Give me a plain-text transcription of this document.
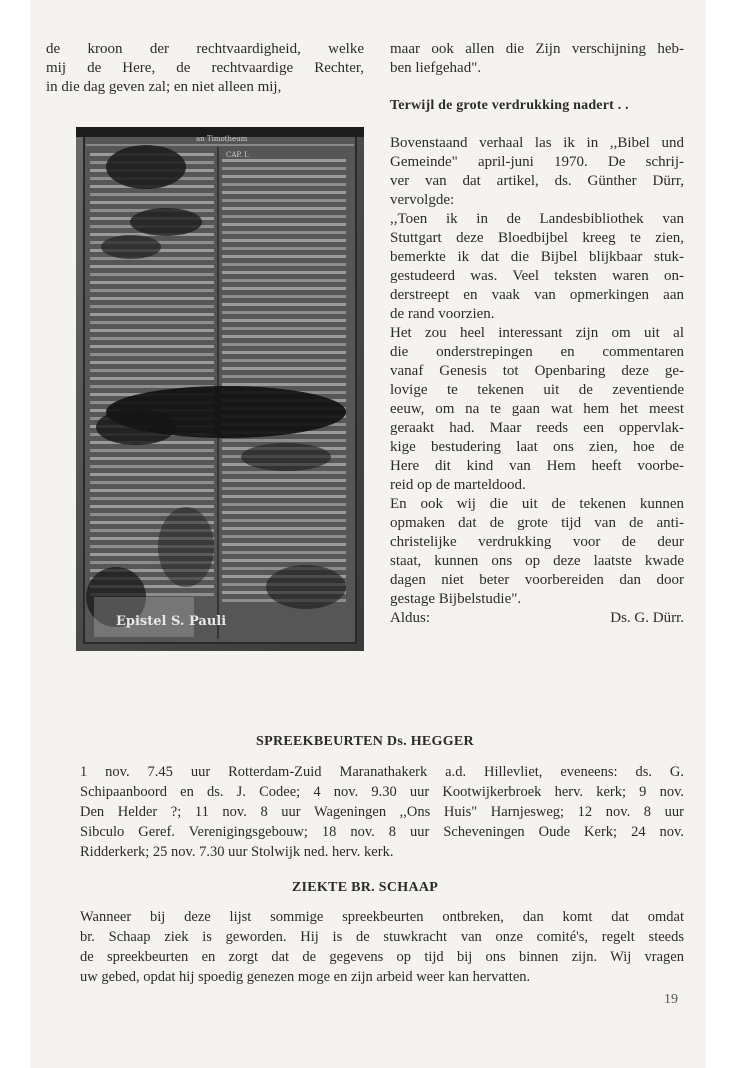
de kroon der rechtvaardigheid, welke
mij de Here, de rechtvaardige Rechter,
in die dag geven zal; en niet alleen mij,
an Timotheum
CAP. I.
Epistel S. Pauli
maar ook allen die Zijn verschijning heb-
ben liefgehad".
Terwijl de grote verdrukking nadert . .
Bovenstaand verhaal las ik in ,,Bibel und
Gemeinde" april-juni 1970. De schrij-
ver van dat artikel, ds. Günther Dürr,
vervolgde:
,,Toen ik in de Landesbibliothek van
Stuttgart deze Bloedbijbel kreeg te zien,
bemerkte ik dat die Bijbel blijkbaar stuk-
gestudeerd was. Veel teksten waren on-
derstreept en vaak van opmerkingen aan
de rand voorzien.
Het zou heel interessant zijn om uit al
die onderstrepingen en commentaren
vanaf Genesis tot Openbaring deze ge-
lovige te tekenen uit de zeventiende
eeuw, om na te gaan wat hem het meest
geraakt had. Maar reeds een oppervlak-
kige bestudering laat ons zien, hoe de
Here dit kind van Hem heeft voorbe-
reid op de marteldood.
En ook wij die uit de tekenen kunnen
opmaken dat de grote tijd van de anti-
christelijke verdrukking voor de deur
staat, kunnen ons op deze laatste kwade
dagen niet beter voorbereiden dan door
gestage Bijbelstudie".
Aldus:	Ds. G. Dürr.
SPREEKBEURTEN Ds. HEGGER
1 nov. 7.45 uur Rotterdam-Zuid Maranathakerk a.d. Hillevliet, eveneens: ds. G.
Schipaanboord en ds. J. Codee; 4 nov. 9.30 uur Kootwijkerbroek herv. kerk; 9 nov.
Den Helder ?; 11 nov. 8 uur Wageningen ,,Ons Huis" Harnjesweg; 12 nov. 8 uur
Sibculo Geref. Verenigingsgebouw; 18 nov. 8 uur Scheveningen Oude Kerk; 24 nov.
Ridderkerk; 25 nov. 7.30 uur Stolwijk ned. herv. kerk.
ZIEKTE BR. SCHAAP
Wanneer bij deze lijst sommige spreekbeurten ontbreken, dan komt dat omdat
br. Schaap ziek is geworden. Hij is de stuwkracht van onze comité's, regelt steeds
de spreekbeurten en zorgt dat de gegevens op tijd bij ons binnen zijn. Wij vragen
uw gebed, opdat hij spoedig genezen moge en zijn arbeid weer kan hervatten.
19
